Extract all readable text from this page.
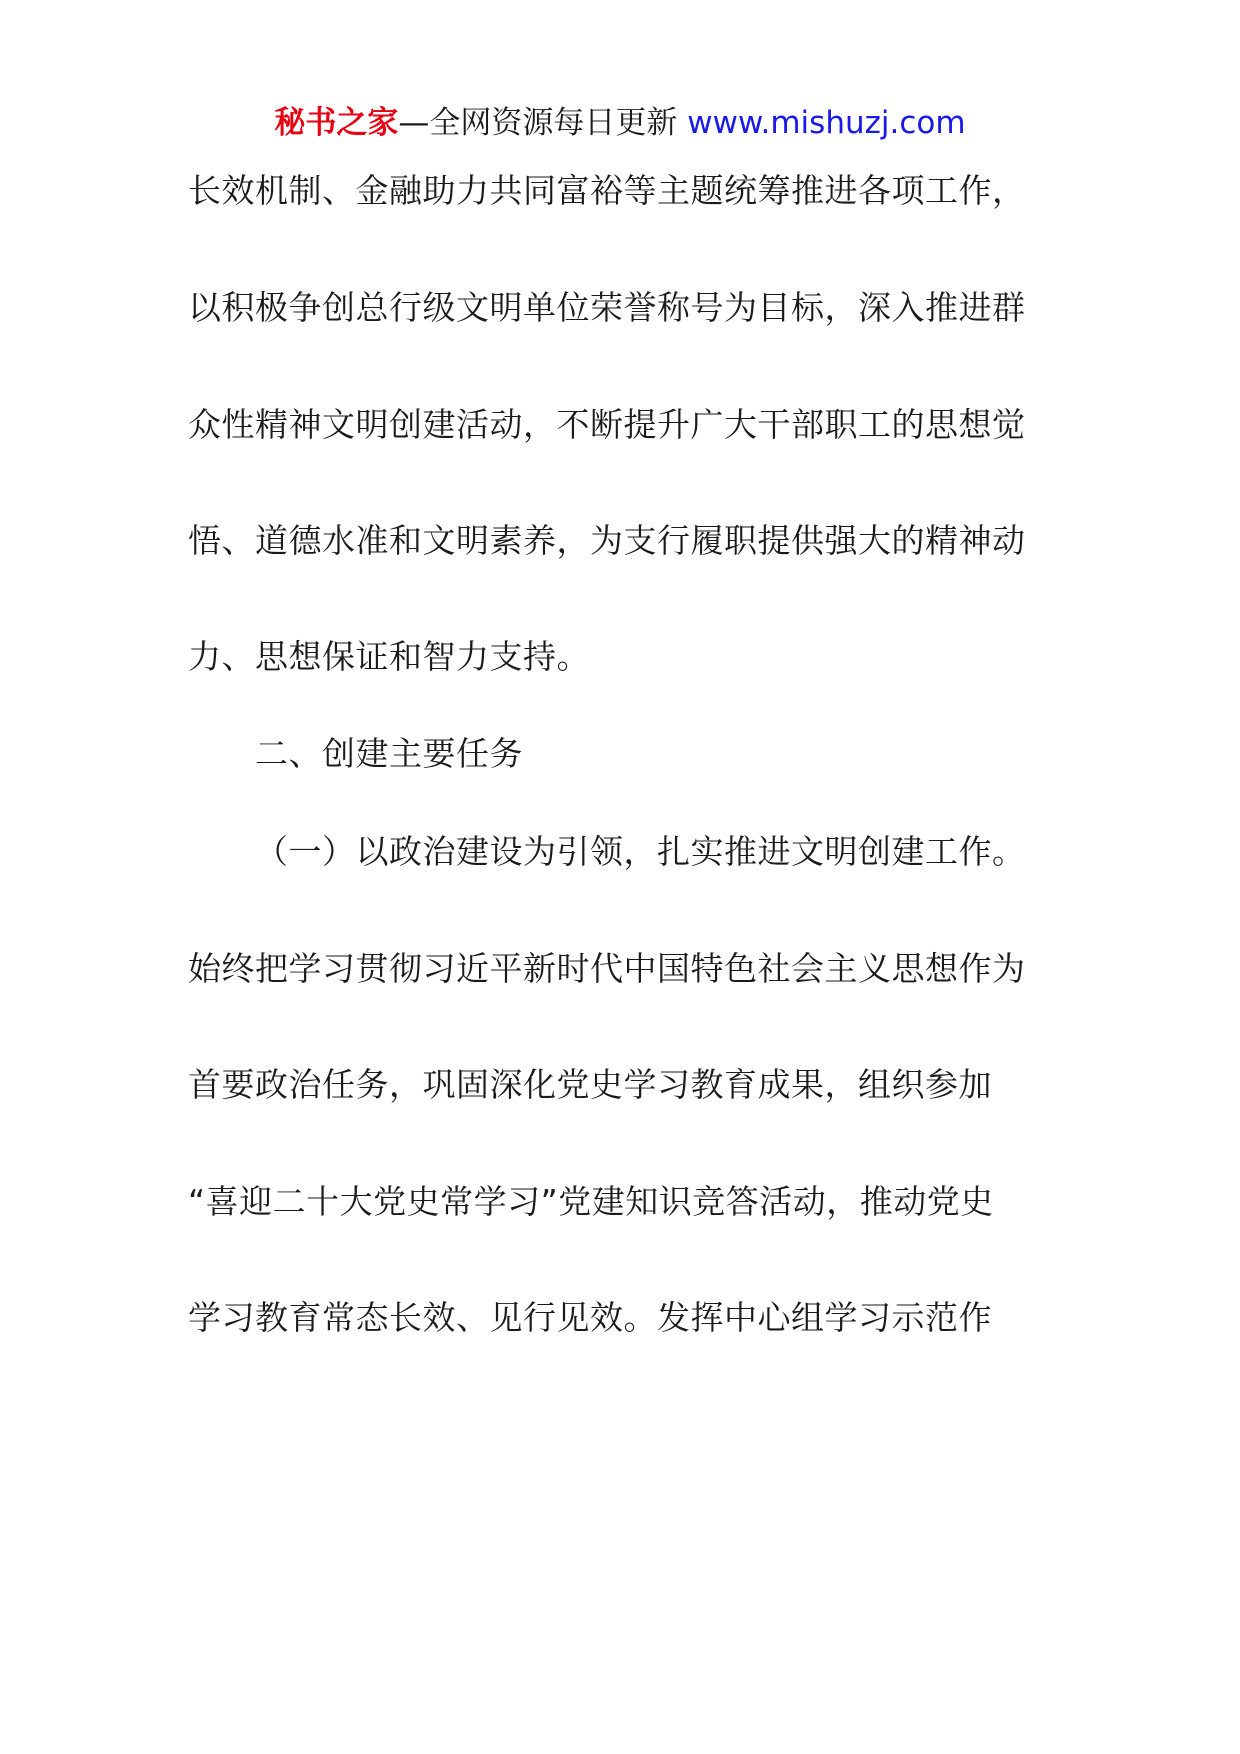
秘书之家—全网资源每日更新 www.mishuzj.com
长效机制、金融助力共同富裕等主题统筹推进各项工作，
以积极争创总行级文明单位荣誉称号为目标，深入推进群
众性精神文明创建活动，不断提升广大干部职工的思想觉
悟、道德水准和文明素养，为支行履职提供强大的精神动
力、思想保证和智力支持。
二、创建主要任务
（一）以政治建设为引领，扎实推进文明创建工作。
始终把学习贯彻习近平新时代中国特色社会主义思想作为
首要政治任务，巩固深化党史学习教育成果，组织参加
“喜迎二十大党史常学习”党建知识竞答活动，推动党史
学习教育常态长效、见行见效。发挥中心组学习示范作
